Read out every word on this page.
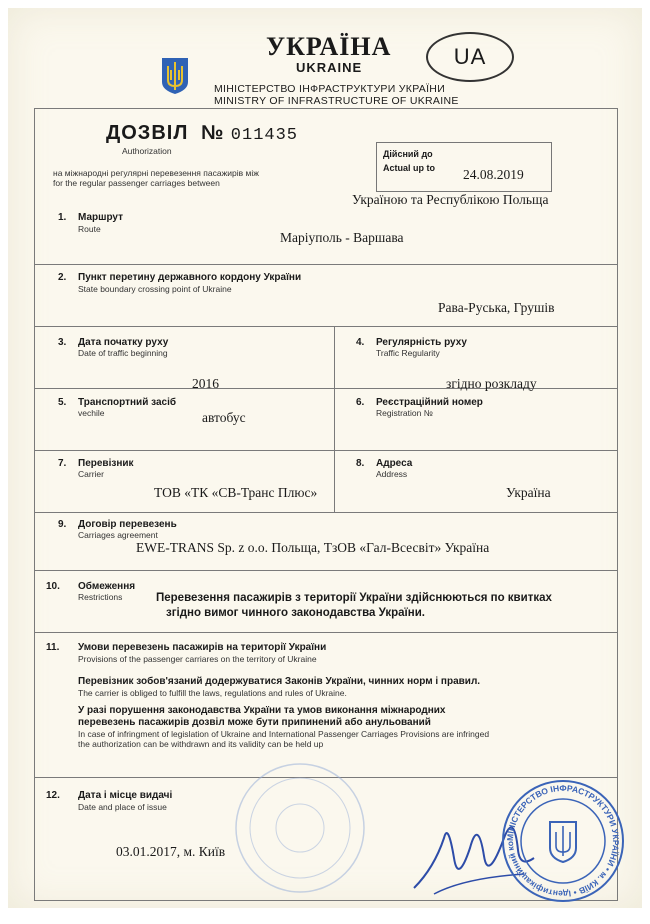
УКРАЇНА
UKRAINE	UA
МІНІСТЕРСТВО ІНФРАСТРУКТУРИ УКРАЇНИ
MINISTRY OF INFRASTRUCTURE OF UKRAINE
ДОЗВІЛ № 011435
Authorization
на міжнародні регулярні перевезення пасажирів між
for the regular passenger carriages between
Дійсний до
Actual up to 24.08.2019
Україною та Республікою Польща
1. Маршрут
Route
Маріуполь - Варшава
2. Пункт перетину державного кордону України
State boundary crossing point of Ukraine
Рава-Руська, Грушів
3. Дата початку руху
Date of traffic beginning
2016
4. Регулярність руху
Traffic Regularity
згідно розкладу
5. Транспортний засіб
vechile	автобус
6. Реєстраційний номер
Registration №
7. Перевізник
Carrier
ТОВ «ТК «СВ-Транс Плюс»
8. Адреса
Address
Україна
9. Договір перевезень
Carriages agreement
EWE-TRANS Sp. z o.o. Польща, ТзОВ «Гал-Всесвіт» Україна
10. Обмеження
Restrictions	Перевезення пасажирів з території України здійснюються по квитках
згідно вимог чинного законодавства України.
11. Умови перевезень пасажирів на території України
Provisions of the passenger carriares on the territory of Ukraine
Перевізник зобов'язаний додержуватися Законів України, чинних норм і правил.
The carrier is obliged to fulfill the laws, regulations and rules of Ukraine.
У разі порушення законодавства України та умов виконання міжнародних
перевезень пасажирів дозвіл може бути припинений або анульований
In case of infringment of legislation of Ukraine and International Passenger Carriages Provisions are infringed
the authorization can be withdrawn and its validity can be held up
12. Дата і місце видачі
Date and place of issue
03.01.2017, м. Київ
МІНІСТЕРСТВО ІНФРАСТРУКТУРИ УКРАЇНИ • м. КИЇВ • Ідентифікаційний ко
